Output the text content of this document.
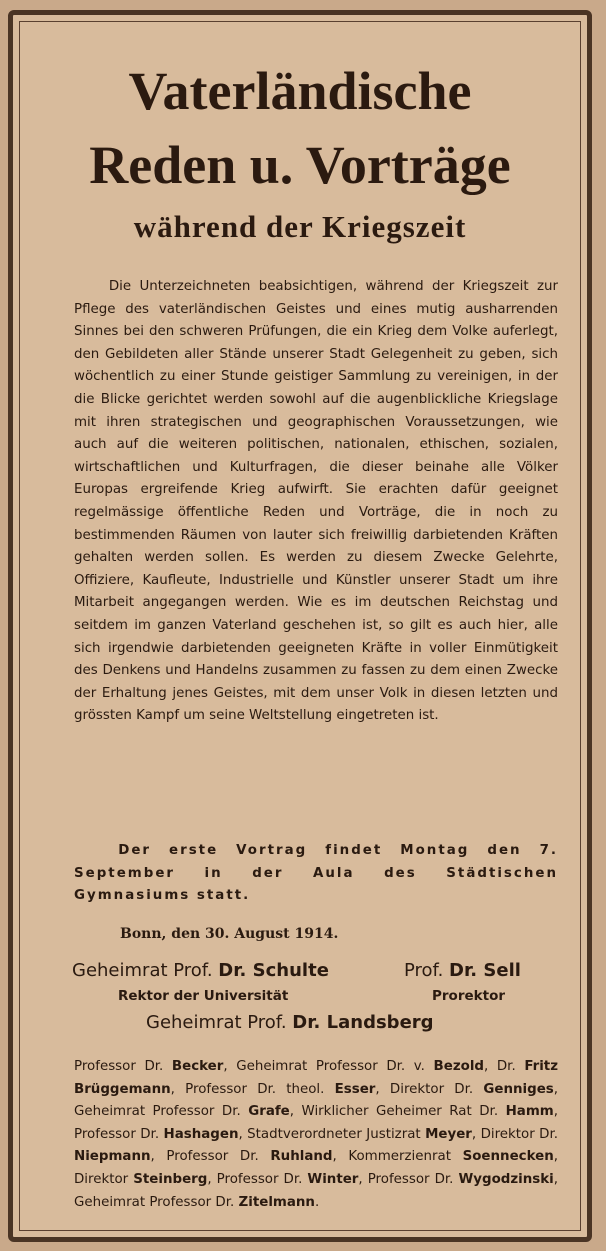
Vaterländische
Reden u. Vorträge
während der Kriegszeit

Die Unterzeichneten beabsichtigen, während der Kriegszeit zur Pflege des vaterländischen Geistes und eines mutig ausharrenden Sinnes bei den schweren Prüfungen, die ein Krieg dem Volke auferlegt, den Gebildeten aller Stände unserer Stadt Gelegenheit zu geben, sich wöchentlich zu einer Stunde geistiger Sammlung zu vereinigen, in der die Blicke gerichtet werden sowohl auf die augenblickliche Kriegslage mit ihren strategischen und geographischen Voraussetzungen, wie auch auf die weiteren politischen, nationalen, ethischen, sozialen, wirtschaftlichen und Kulturfragen, die dieser beinahe alle Völker Europas ergreifende Krieg aufwirft. Sie erachten dafür geeignet regelmässige öffentliche Reden und Vorträge, die in noch zu bestimmenden Räumen von lauter sich freiwillig darbietenden Kräften gehalten werden sollen. Es werden zu diesem Zwecke Gelehrte, Offiziere, Kaufleute, Industrielle und Künstler unserer Stadt um ihre Mitarbeit angegangen werden. Wie es im deutschen Reichstag und seitdem im ganzen Vaterland geschehen ist, so gilt es auch hier, alle sich irgendwie darbietenden geeigneten Kräfte in voller Einmütigkeit des Denkens und Handelns zusammen zu fassen zu dem einen Zwecke der Erhaltung jenes Geistes, mit dem unser Volk in diesen letzten und grössten Kampf um seine Weltstellung eingetreten ist.

Der erste Vortrag findet Montag den 7. September in der Aula des Städtischen Gymnasiums statt.

Bonn, den 30. August 1914.
Geheimrat Prof. Dr. Schulte
Rektor der Universität
Prof. Dr. Sell
Prorektor
Geheimrat Prof. Dr. Landsberg

Professor Dr. Becker, Geheimrat Professor Dr. v. Bezold, Dr. Fritz Brüggemann, Professor Dr. theol. Esser, Direktor Dr. Genniges, Geheimrat Professor Dr. Grafe, Wirklicher Geheimer Rat Dr. Hamm, Professor Dr. Hashagen, Stadtverordneter Justizrat Meyer, Direktor Dr. Niepmann, Professor Dr. Ruhland, Kommerzienrat Soennecken, Direktor Steinberg, Professor Dr. Winter, Professor Dr. Wygodzinski, Geheimrat Professor Dr. Zitelmann.
